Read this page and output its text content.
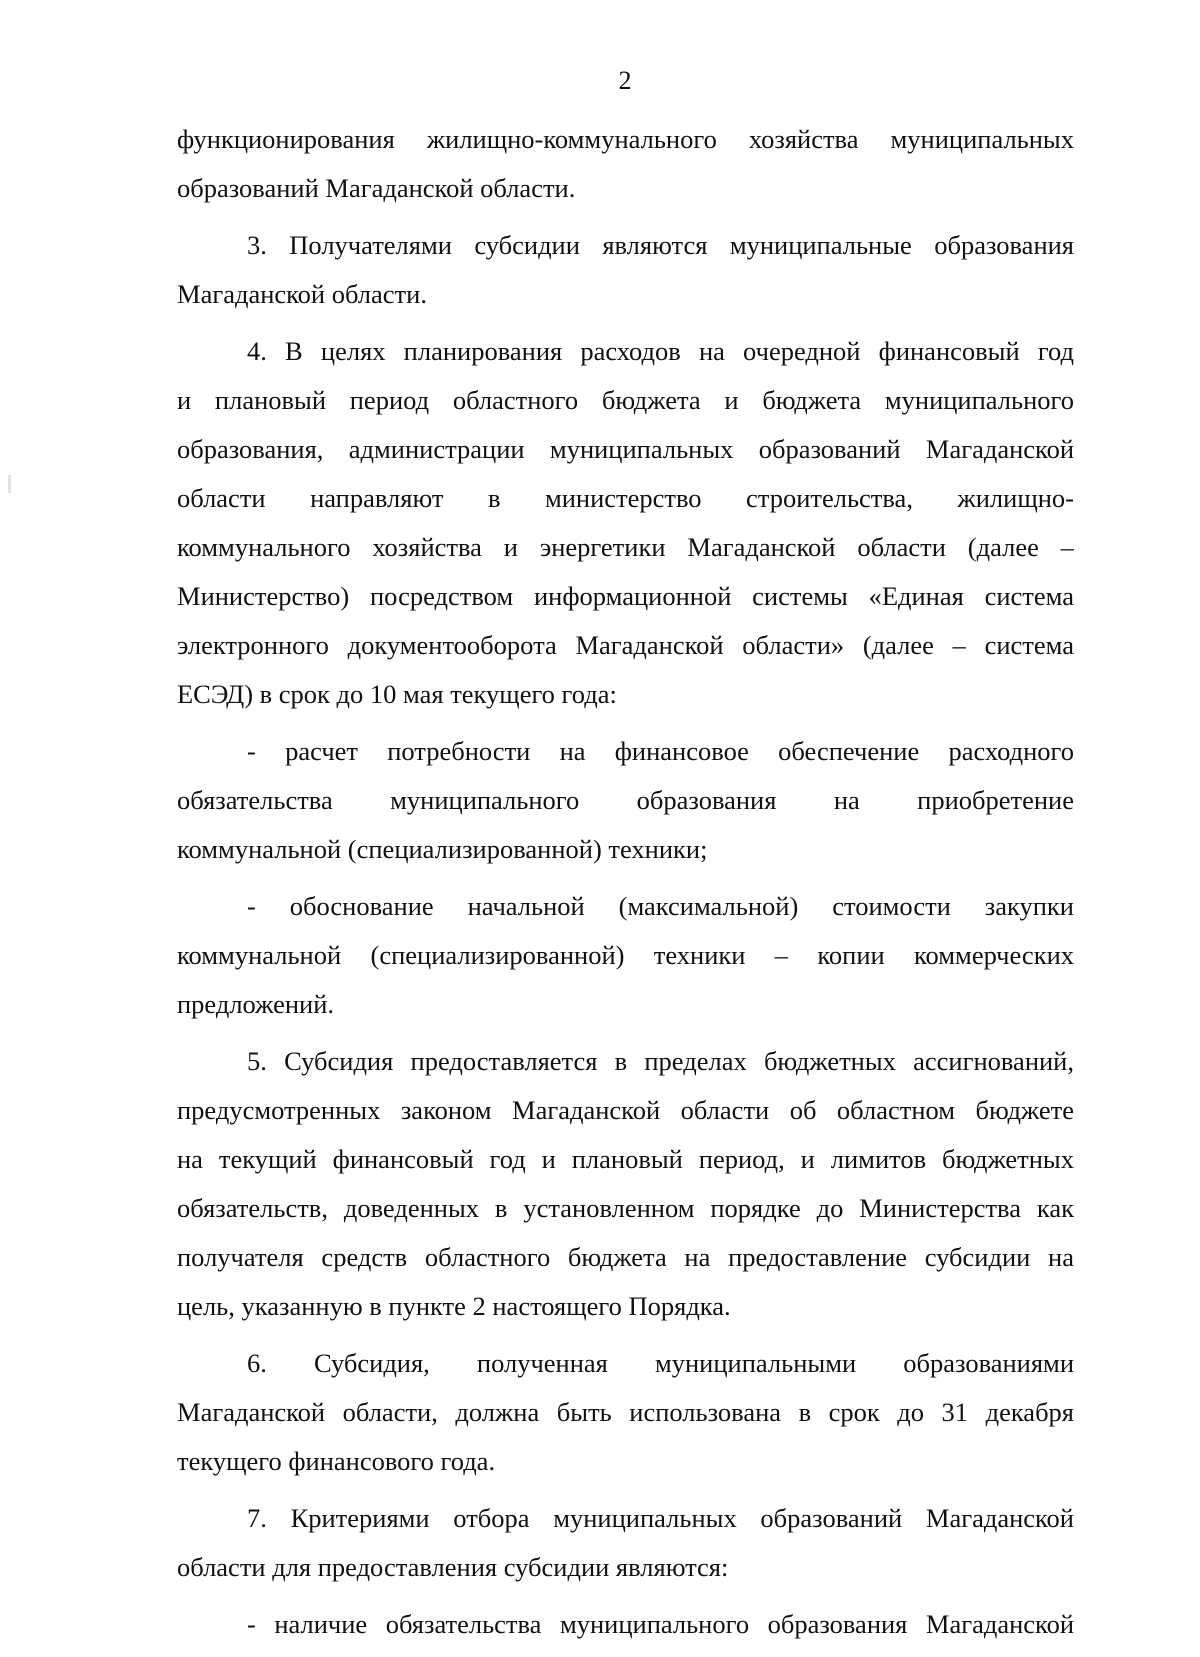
2
функционирования жилищно-коммунального хозяйства муниципальных
образований Магаданской области.
3. Получателями субсидии являются муниципальные образования
Магаданской области.
4. В целях планирования расходов на очередной финансовый год
и плановый период областного бюджета и бюджета муниципального
образования, администрации муниципальных образований Магаданской
области направляют в министерство строительства, жилищно-
коммунального хозяйства и энергетики Магаданской области (далее –
Министерство) посредством информационной системы «Единая система
электронного документооборота Магаданской области» (далее – система
ЕСЭД) в срок до 10 мая текущего года:
- расчет потребности на финансовое обеспечение расходного
обязательства муниципального образования на приобретение
коммунальной (специализированной) техники;
- обоснование начальной (максимальной) стоимости закупки
коммунальной (специализированной) техники – копии коммерческих
предложений.
5. Субсидия предоставляется в пределах бюджетных ассигнований,
предусмотренных законом Магаданской области об областном бюджете
на текущий финансовый год и плановый период, и лимитов бюджетных
обязательств, доведенных в установленном порядке до Министерства как
получателя средств областного бюджета на предоставление субсидии на
цель, указанную в пункте 2 настоящего Порядка.
6. Субсидия, полученная муниципальными образованиями
Магаданской области, должна быть использована в срок до 31 декабря
текущего финансового года.
7. Критериями отбора муниципальных образований Магаданской
области для предоставления субсидии являются:
- наличие обязательства муниципального образования Магаданской
